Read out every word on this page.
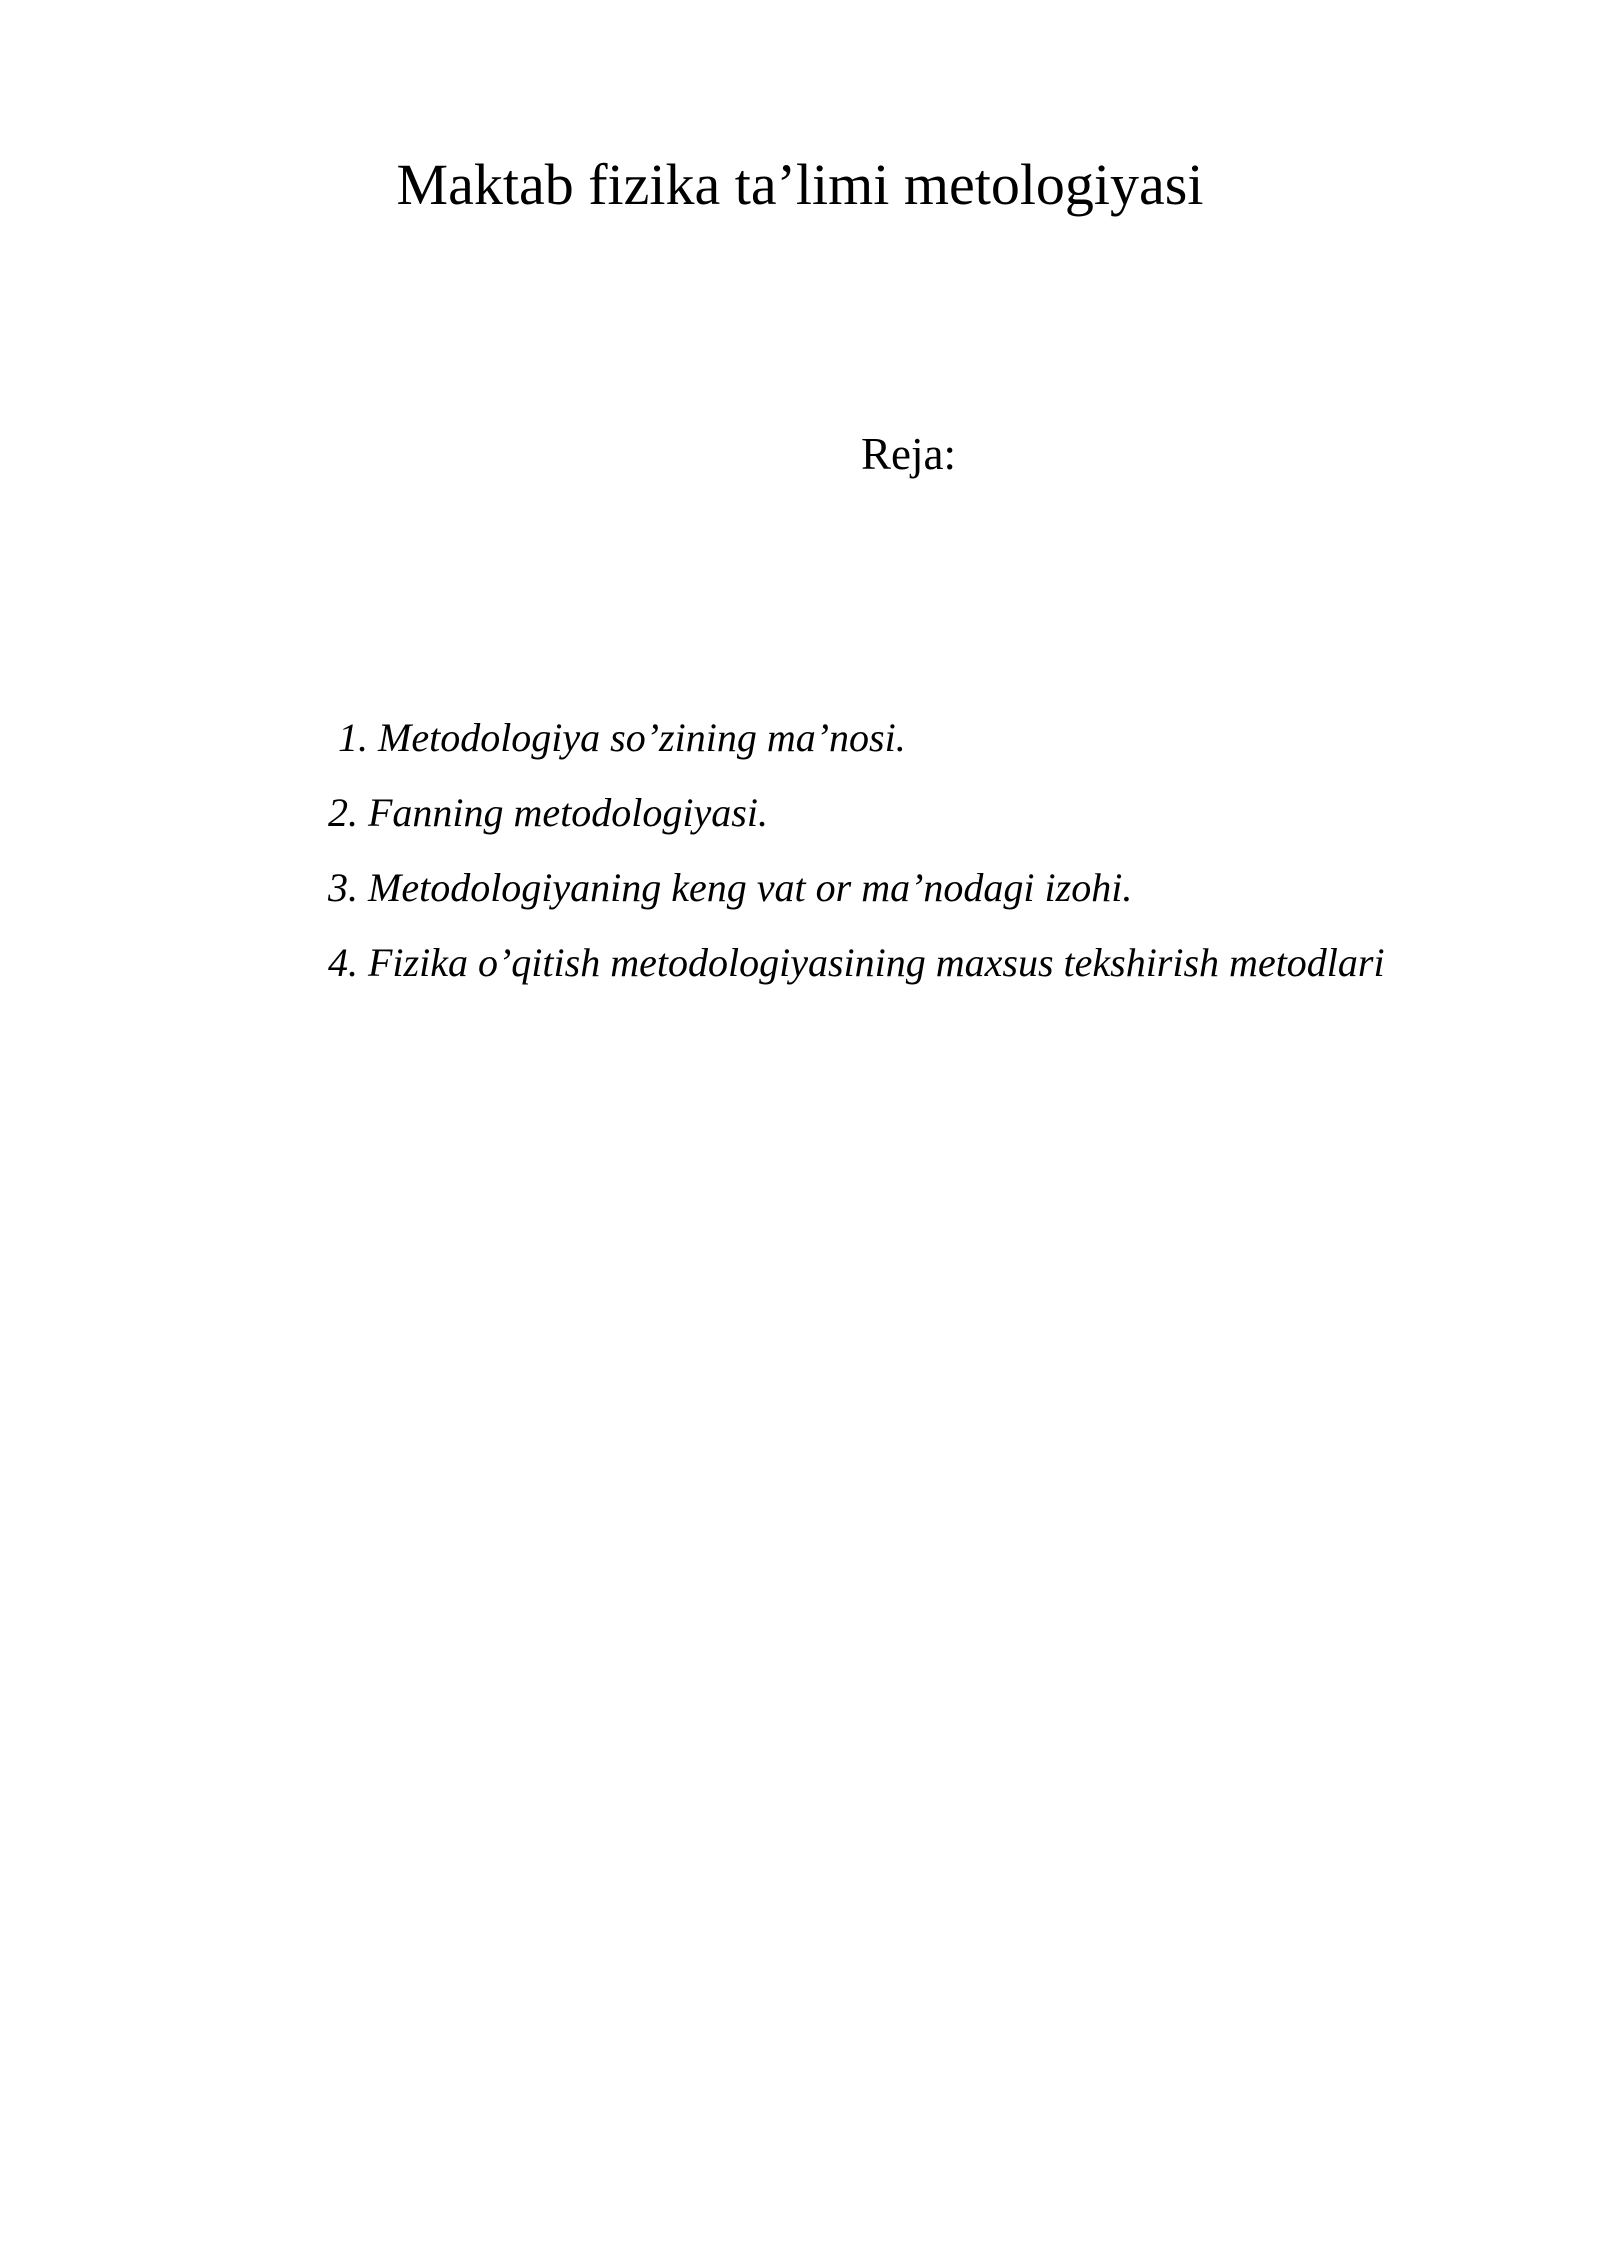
Maktab fizika ta’limi metologiyasi
Reja:
1. Metodologiya so’zining ma’nosi.
2. Fanning metodologiyasi.
3. Metodologiyaning keng vat or ma’nodagi izohi.
4. Fizika o’qitish metodologiyasining maxsus tekshirish metodlari
